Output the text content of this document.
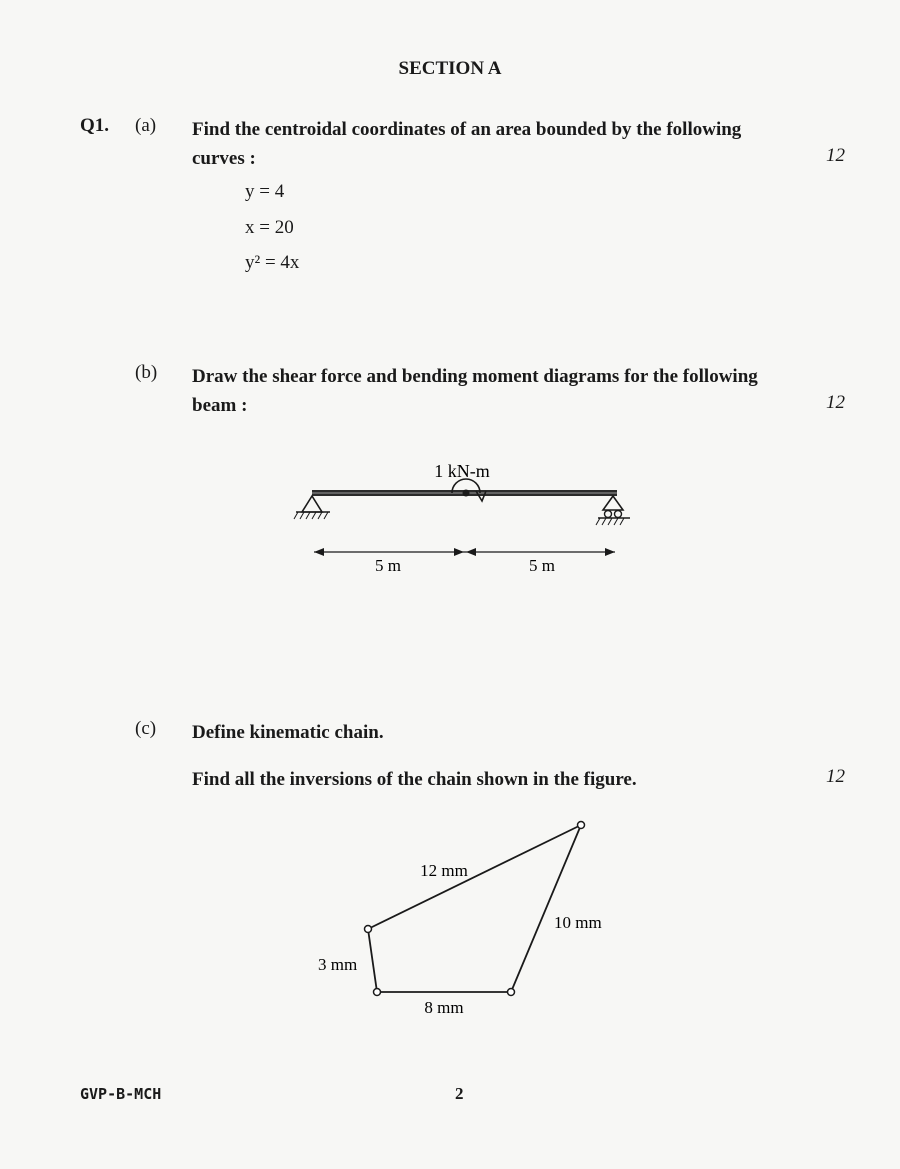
SECTION A
Q1. (a) Find the centroidal coordinates of an area bounded by the following
curves :	12
y = 4
x = 20
y² = 4x
(b) Draw the shear force and bending moment diagrams for the following
beam :	12
1 kN-m
5 m	5 m
(c) Define kinematic chain.
Find all the inversions of the chain shown in the figure.	12
12 mm
10 mm
3 mm
8 mm
GVP-B-MCH	2
